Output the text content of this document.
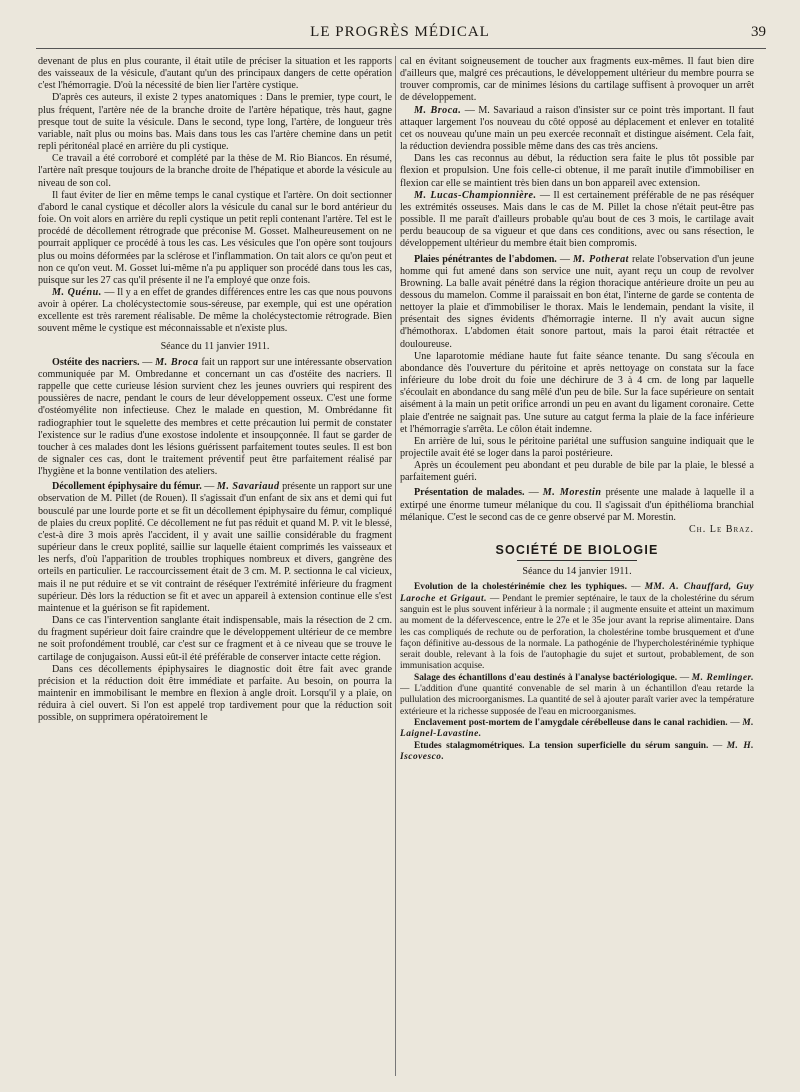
LE PROGRÈS MÉDICAL	39

devenant de plus en plus courante, il était utile de préciser la situation et les rapports des vaisseaux de la vésicule, d'autant qu'un des principaux dangers de cette opération c'est l'hémorragie. D'où la nécessité de bien lier l'artère cystique.

D'après ces auteurs, il existe 2 types anatomiques : Dans le premier, type court, le plus fréquent, l'artère née de la branche droite de l'artère hépatique, très haut, gagne presque tout de suite la vésicule. Dans le second, type long, l'artère, de longueur très variable, naît plus ou moins bas. Mais dans tous les cas l'artère chemine dans un petit repli péritonéal placé en arrière du pli cystique.

Ce travail a été corroboré et complété par la thèse de M. Rio Biancos. En résumé, l'artère naît presque toujours de la branche droite de l'hépatique et aborde la vésicule au niveau de son col.

Il faut éviter de lier en même temps le canal cystique et l'artère. On doit sectionner d'abord le canal cystique et décoller alors la vésicule du canal sur le bord antérieur du foie. On voit alors en arrière du repli cystique un petit repli contenant l'artère. Tel est le procédé de décollement rétrograde que préconise M. Gosset. Malheureusement on ne pourrait appliquer ce procédé à tous les cas. Les vésicules que l'on opère sont toujours plus ou moins déformées par la sclérose et l'inflammation. On tait alors ce qu'on peut et non ce qu'on veut. M. Gosset lui-même n'a pu appliquer son procédé dans tous les cas, puisque sur les 27 cas qu'il présente il ne l'a employé que onze fois.

M. Quénu. — Il y a en effet de grandes différences entre les cas que nous pouvons avoir à opérer. La cholécystectomie sous-séreuse, par exemple, qui est une opération excellente est très rarement réalisable. De même la cholécystectomie rétrograde. Bien souvent même le cystique est méconnaissable et n'existe plus.

Séance du 11 janvier 1911.

Ostéite des nacriers. — M. Broca fait un rapport sur une intéressante observation communiquée par M. Ombredanne et concernant un cas d'ostéite des nacriers. Il rappelle que cette curieuse lésion survient chez les jeunes ouvriers qui respirent des poussières de nacre, pendant le cours de leur développement osseux. C'est une forme d'ostéomyélite non infectieuse. Chez le malade en question, M. Ombrédanne fit radiographier tout le squelette des membres et cette précaution lui permit de constater l'existence sur le radius d'une exostose indolente et insoupçonnée. Il faut se garder de toucher à ces malades dont les lésions guérissent parfaitement toutes seules. Il est bon de signaler ces cas, dont le traitement préventif peut être parfaitement réalisé par l'hygiène et la bonne ventilation des ateliers.

Décollement épiphysaire du fémur. — M. Savariaud présente un rapport sur une observation de M. Pillet (de Rouen). Il s'agissait d'un enfant de six ans et demi qui fut bousculé par une lourde porte et se fit un décollement épiphysaire du fémur, compliqué de plaies du creux poplité. Ce décollement ne fut pas réduit et quand M. P. vit le blessé, c'est-à dire 3 mois après l'accident, il y avait une saillie considérable du fragment supérieur dans le creux poplité, saillie sur laquelle étaient comprimés les vaisseaux et les nerfs, d'où l'apparition de troubles trophiques nombreux et divers, gangrène des orteils en particulier. Le raccourcissement était de 3 cm. M. P. sectionna le cal vicieux, mais il ne put réduire et se vit contraint de réséquer l'extrémité inférieure du fragment supérieur. Dès lors la réduction se fit et avec un appareil à extension continue elle s'est maintenue et la guérison se fit rapidement.

Dans ce cas l'intervention sanglante était indispensable, mais la résection de 2 cm. du fragment supérieur doit faire craindre que le développement ultérieur de ce membre ne soit profondément troublé, car c'est sur ce fragment et à ce niveau que se trouve le cartilage de conjugaison. Aussi eût-il été préférable de conserver intacte cette région.

Dans ces décollements épiphysaires le diagnostic doit être fait avec grande précision et la réduction doit être immédiate et parfaite. Au besoin, on pourra la maintenir en immobilisant le membre en flexion à angle droit. Lorsqu'il y a plaie, on réduira à ciel ouvert. Si l'on est appelé trop tardivement pour que la réduction soit possible, on supprimera opératoirement le

cal en évitant soigneusement de toucher aux fragments eux-mêmes. Il faut bien dire d'ailleurs que, malgré ces précautions, le développement ultérieur du membre pourra se trouver compromis, car de minimes lésions du cartilage suffisent à provoquer un arrêt de développement.

M. Broca. — M. Savariaud a raison d'insister sur ce point très important. Il faut attaquer largement l'os nouveau du côté opposé au déplacement et enlever en totalité cet os nouveau qu'une main un peu exercée reconnaît et distingue aisément. Cela fait, la réduction deviendra possible même dans des cas très anciens.

Dans les cas reconnus au début, la réduction sera faite le plus tôt possible par flexion et propulsion. Une fois celle-ci obtenue, il me paraît inutile d'immobiliser en flexion car elle se maintient très bien dans un bon appareil avec extension.

M. Lucas-Championnière. — Il est certainement préférable de ne pas réséquer les extrémités osseuses. Mais dans le cas de M. Pillet la chose n'était peut-être pas possible. Il me paraît d'ailleurs probable qu'au bout de ces 3 mois, le cartilage avait perdu beaucoup de sa vigueur et que dans ces conditions, avec ou sans résection, le développement ultérieur du membre était bien compromis.

Plaies pénétrantes de l'abdomen. — M. Potherat relate l'observation d'un jeune homme qui fut amené dans son service une nuit, ayant reçu un coup de revolver Browning. La balle avait pénétré dans la région thoracique antérieure droite un peu au dessous du mamelon. Comme il paraissait en bon état, l'interne de garde se contenta de nettoyer la plaie et d'immobiliser le thorax. Mais le lendemain, pendant la visite, il présentait des signes évidents d'hémorragie interne. Il n'y avait aucun signe d'hémothorax. L'abdomen était sonore partout, mais la paroi était rétractée et douloureuse.

Une laparotomie médiane haute fut faite séance tenante. Du sang s'écoula en abondance dès l'ouverture du péritoine et après nettoyage on constata sur la face inférieure du lobe droit du foie une déchirure de 3 à 4 cm. de long par laquelle s'écoulait en abondance du sang mêlé d'un peu de bile. Sur la face supérieure on sentait aisément à la main un petit orifice arrondi un peu en avant du ligament coronaire. Cette plaie d'entrée ne saignait pas. Une suture au catgut ferma la plaie de la face inférieure et l'hémorragie s'arrêta. Le côlon était indemne.

En arrière de lui, sous le péritoine pariétal une suffusion sanguine indiquait que le projectile avait été se loger dans la paroi postérieure.

Après un écoulement peu abondant et peu durable de bile par la plaie, le blessé a parfaitement guéri.

Présentation de malades. — M. Morestin présente une malade à laquelle il a extirpé une énorme tumeur mélanique du cou. Il s'agissait d'un épithélioma branchial mélanique. C'est le second cas de ce genre observé par M. Morestin.
Ch. Le Braz.

SOCIÉTÉ DE BIOLOGIE

Séance du 14 janvier 1911.

Evolution de la cholestérinémie chez les typhiques. — MM. A. Chauffard, Guy Laroche et Grigaut. — Pendant le premier septénaire, le taux de la cholestérine du sérum sanguin est le plus souvent inférieur à la normale ; il augmente ensuite et atteint un maximum au moment de la défervescence, entre le 27e et le 35e jour avant la reprise alimentaire. Dans les cas compliqués de rechute ou de perforation, la cholestérine tombe brusquement et d'une façon définitive au-dessous de la normale. La pathogénie de l'hypercholestérinémie typhique serait double, relevant à la fois de l'autophagie du sujet et surtout, probablement, de son immunisation acquise.

Salage des échantillons d'eau destinés à l'analyse bactériologique. — M. Remlinger. — L'addition d'une quantité convenable de sel marin à un échantillon d'eau retarde la pullulation des microorganismes. La quantité de sel à ajouter paraît varier avec la température extérieure et la richesse supposée de l'eau en microorganismes.

Enclavement post-mortem de l'amygdale cérébelleuse dans le canal rachidien. — M. Laignel-Lavastine.

Etudes stalagmométriques. La tension superficielle du sérum sanguin. — M. H. Iscovesco.
